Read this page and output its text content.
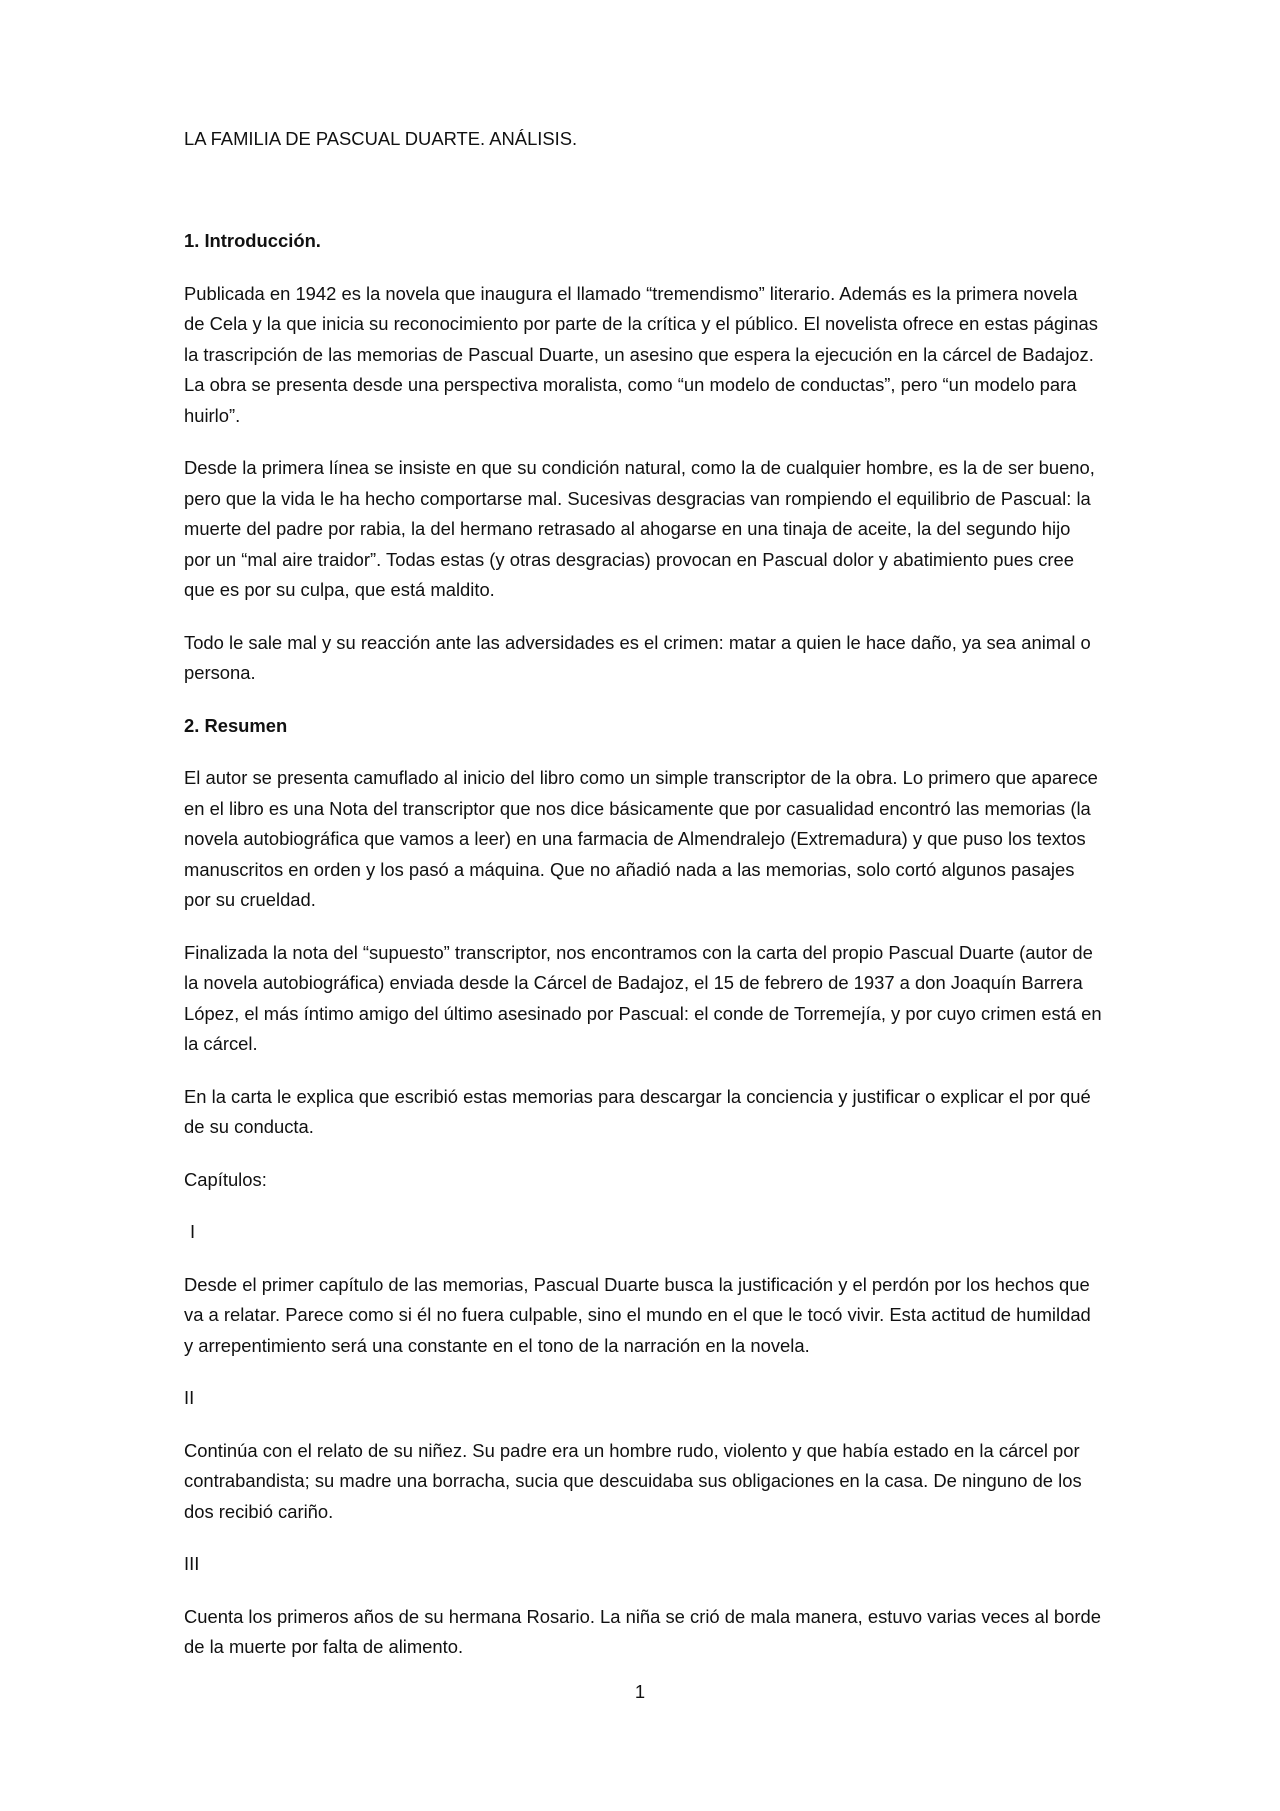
LA FAMILIA DE PASCUAL DUARTE. ANÁLISIS.
1. Introducción.

Publicada en 1942 es la novela que inaugura el llamado “tremendismo” literario. Además es la primera novela de Cela y la que inicia su reconocimiento por parte de la crítica y el público. El novelista ofrece en estas páginas la trascripción de las memorias de Pascual Duarte, un asesino que espera la ejecución en la cárcel de Badajoz. La obra se presenta desde una perspectiva moralista, como “un modelo de conductas”, pero “un modelo para huirlo”.

Desde la primera línea se insiste en que su condición natural, como la de cualquier hombre, es la de ser bueno, pero que la vida le ha hecho comportarse mal. Sucesivas desgracias van rompiendo el equilibrio de Pascual: la muerte del padre por rabia, la del hermano retrasado al ahogarse en una tinaja de aceite, la del segundo hijo por un “mal aire traidor”. Todas estas (y otras desgracias) provocan en Pascual dolor y abatimiento pues cree que es por su culpa, que está maldito.

Todo le sale mal y su reacción ante las adversidades es el crimen: matar a quien le hace daño, ya sea animal o persona.

2. Resumen

El autor se presenta camuflado al inicio del libro como un simple transcriptor de la obra. Lo primero que aparece en el libro es una Nota del transcriptor que nos dice básicamente que por casualidad encontró las memorias (la novela autobiográfica que vamos a leer) en una farmacia de Almendralejo (Extremadura) y que puso los textos manuscritos en orden y los pasó a máquina. Que no añadió nada a las memorias, solo cortó algunos pasajes por su crueldad.

Finalizada la nota del “supuesto” transcriptor, nos encontramos con la carta del propio Pascual Duarte (autor de la novela autobiográfica) enviada desde la Cárcel de Badajoz, el 15 de febrero de 1937 a don Joaquín Barrera López, el más íntimo amigo del último asesinado por Pascual: el conde de Torremejía, y por cuyo crimen está en la cárcel.

En la carta le explica que escribió estas memorias para descargar la conciencia y justificar o explicar el por qué de su conducta.

Capítulos:

I

Desde el primer capítulo de las memorias, Pascual Duarte busca la justificación y el perdón por los hechos que va a relatar. Parece como si él no fuera culpable, sino el mundo en el que le tocó vivir. Esta actitud de humildad y arrepentimiento será una constante en el tono de la narración en la novela.

II

Continúa con el relato de su niñez. Su padre era un hombre rudo, violento y que había estado en la cárcel por contrabandista; su madre una borracha, sucia que descuidaba sus obligaciones en la casa. De ninguno de los dos recibió cariño.

III

Cuenta los primeros años de su hermana Rosario. La niña se crió de mala manera, estuvo varias veces al borde de la muerte por falta de alimento.

1
